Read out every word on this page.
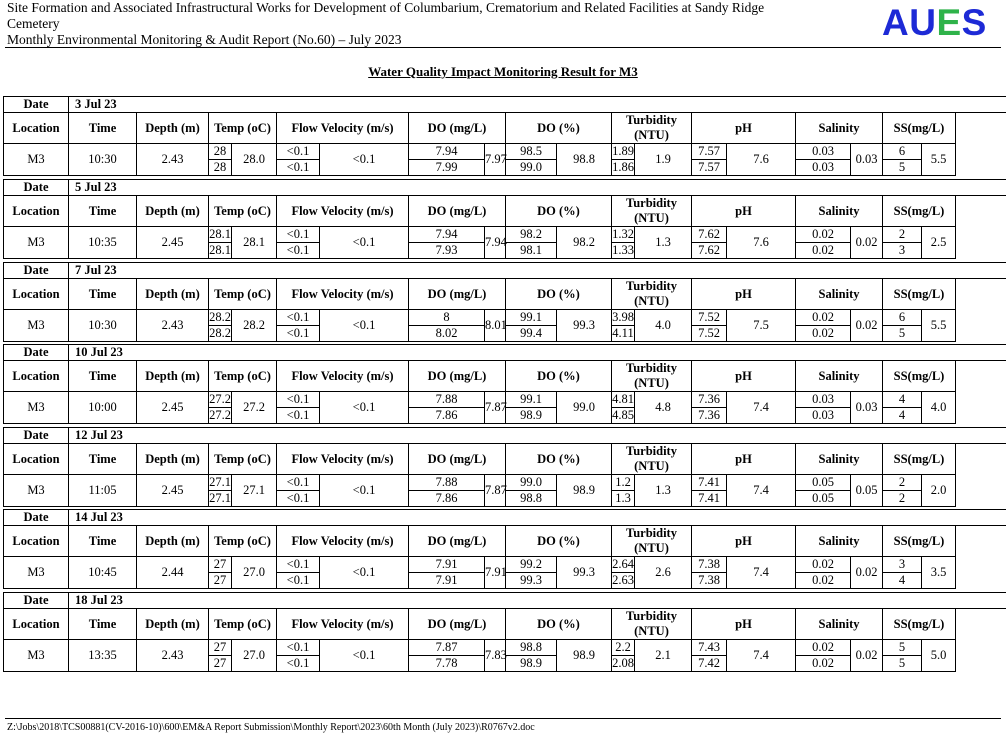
Site Formation and Associated Infrastructural Works for Development of Columbarium, Crematorium and Related Facilities at Sandy Ridge
Cemetery
Monthly Environmental Monitoring & Audit Report (No.60) – July 2023	AUES
Water Quality Impact Monitoring Result for M3
Date	3 Jul 23																	
Location	Time	Depth (m)	Temp (oC)		Flow Velocity (m/s)		DO (mg/L)		DO (%)		Turbidity (NTU)		pH		Salinity		SS(mg/L)	
M3	10:30	2.43	28	28.0	<0.1	<0.1	7.94	7.97	98.5	98.8	1.89	1.9	7.57	7.6	0.03	0.03	6	5.5
			28		<0.1		7.99		99.0		1.86		7.57		0.03		5	
Date	5 Jul 23																	
Location	Time	Depth (m)	Temp (oC)		Flow Velocity (m/s)		DO (mg/L)		DO (%)		Turbidity (NTU)		pH		Salinity		SS(mg/L)	
M3	10:35	2.45	28.1	28.1	<0.1	<0.1	7.94	7.94	98.2	98.2	1.32	1.3	7.62	7.6	0.02	0.02	2	2.5
			28.1		<0.1		7.93		98.1		1.33		7.62		0.02		3	
Date	7 Jul 23																	
Location	Time	Depth (m)	Temp (oC)		Flow Velocity (m/s)		DO (mg/L)		DO (%)		Turbidity (NTU)		pH		Salinity		SS(mg/L)	
M3	10:30	2.43	28.2	28.2	<0.1	<0.1	8	8.01	99.1	99.3	3.98	4.0	7.52	7.5	0.02	0.02	6	5.5
			28.2		<0.1		8.02		99.4		4.11		7.52		0.02		5	
Date	10 Jul 23																	
Location	Time	Depth (m)	Temp (oC)		Flow Velocity (m/s)		DO (mg/L)		DO (%)		Turbidity (NTU)		pH		Salinity		SS(mg/L)	
M3	10:00	2.45	27.2	27.2	<0.1	<0.1	7.88	7.87	99.1	99.0	4.81	4.8	7.36	7.4	0.03	0.03	4	4.0
			27.2		<0.1		7.86		98.9		4.85		7.36		0.03		4	
Date	12 Jul 23																	
Location	Time	Depth (m)	Temp (oC)		Flow Velocity (m/s)		DO (mg/L)		DO (%)		Turbidity (NTU)		pH		Salinity		SS(mg/L)	
M3	11:05	2.45	27.1	27.1	<0.1	<0.1	7.88	7.87	99.0	98.9	1.2	1.3	7.41	7.4	0.05	0.05	2	2.0
			27.1		<0.1		7.86		98.8		1.3		7.41		0.05		2	
Date	14 Jul 23																	
Location	Time	Depth (m)	Temp (oC)		Flow Velocity (m/s)		DO (mg/L)		DO (%)		Turbidity (NTU)		pH		Salinity		SS(mg/L)	
M3	10:45	2.44	27	27.0	<0.1	<0.1	7.91	7.91	99.2	99.3	2.64	2.6	7.38	7.4	0.02	0.02	3	3.5
			27		<0.1		7.91		99.3		2.63		7.38		0.02		4	
Date	18 Jul 23																	
Location	Time	Depth (m)	Temp (oC)		Flow Velocity (m/s)		DO (mg/L)		DO (%)		Turbidity (NTU)		pH		Salinity		SS(mg/L)	
M3	13:35	2.43	27	27.0	<0.1	<0.1	7.87	7.83	98.8	98.9	2.2	2.1	7.43	7.4	0.02	0.02	5	5.0
			27		<0.1		7.78		98.9		2.08		7.42		0.02		5	
Z:\Jobs\2018\TCS00881(CV-2016-10)\600\EM&A Report Submission\Monthly Report\2023\60th Month (July 2023)\R0767v2.doc
